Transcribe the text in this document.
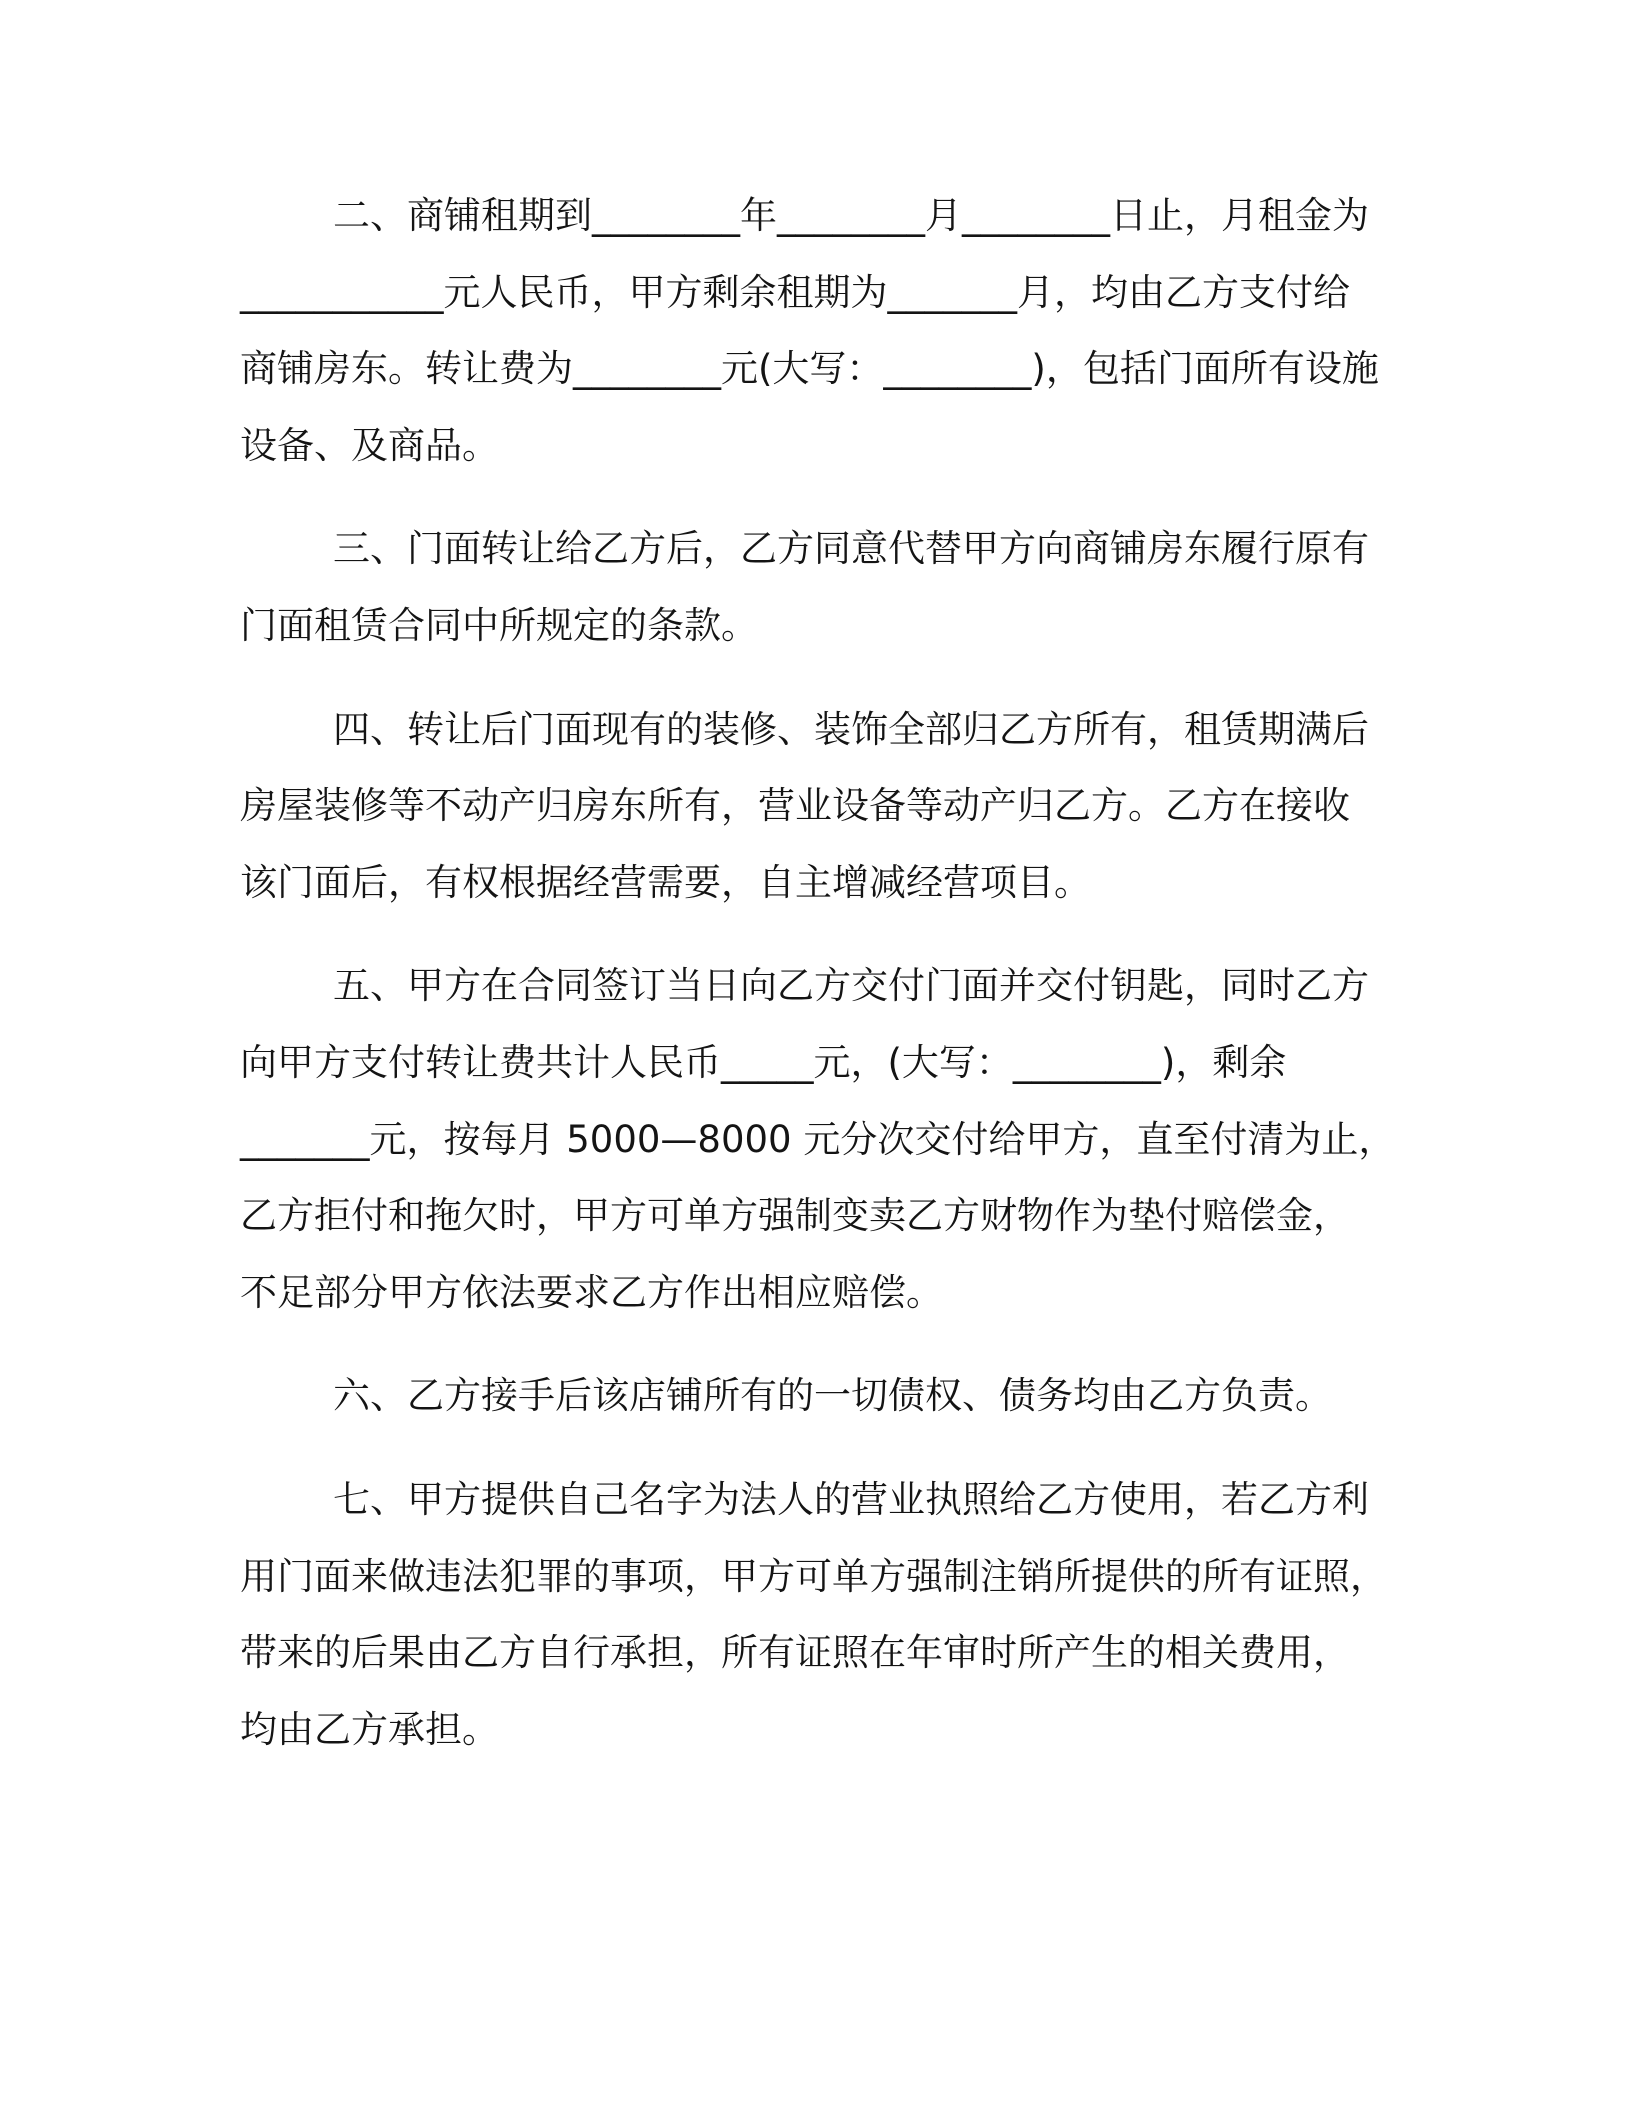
二、商铺租期到________年________月________日止，月租金为
___________元人民币，甲方剩余租期为_______月，均由乙方支付给
商铺房东。转让费为________元(大写：________)，包括门面所有设施
设备、及商品。
三、门面转让给乙方后，乙方同意代替甲方向商铺房东履行原有
门面租赁合同中所规定的条款。
四、转让后门面现有的装修、装饰全部归乙方所有，租赁期满后
房屋装修等不动产归房东所有，营业设备等动产归乙方。乙方在接收
该门面后，有权根据经营需要，自主增减经营项目。
五、甲方在合同签订当日向乙方交付门面并交付钥匙，同时乙方
向甲方支付转让费共计人民币_____元，(大写：________)，剩余
_______元，按每月 5000—8000 元分次交付给甲方，直至付清为止，
乙方拒付和拖欠时，甲方可单方强制变卖乙方财物作为垫付赔偿金，
不足部分甲方依法要求乙方作出相应赔偿。
六、乙方接手后该店铺所有的一切债权、债务均由乙方负责。
七、甲方提供自己名字为法人的营业执照给乙方使用，若乙方利
用门面来做违法犯罪的事项，甲方可单方强制注销所提供的所有证照，
带来的后果由乙方自行承担，所有证照在年审时所产生的相关费用，
均由乙方承担。
